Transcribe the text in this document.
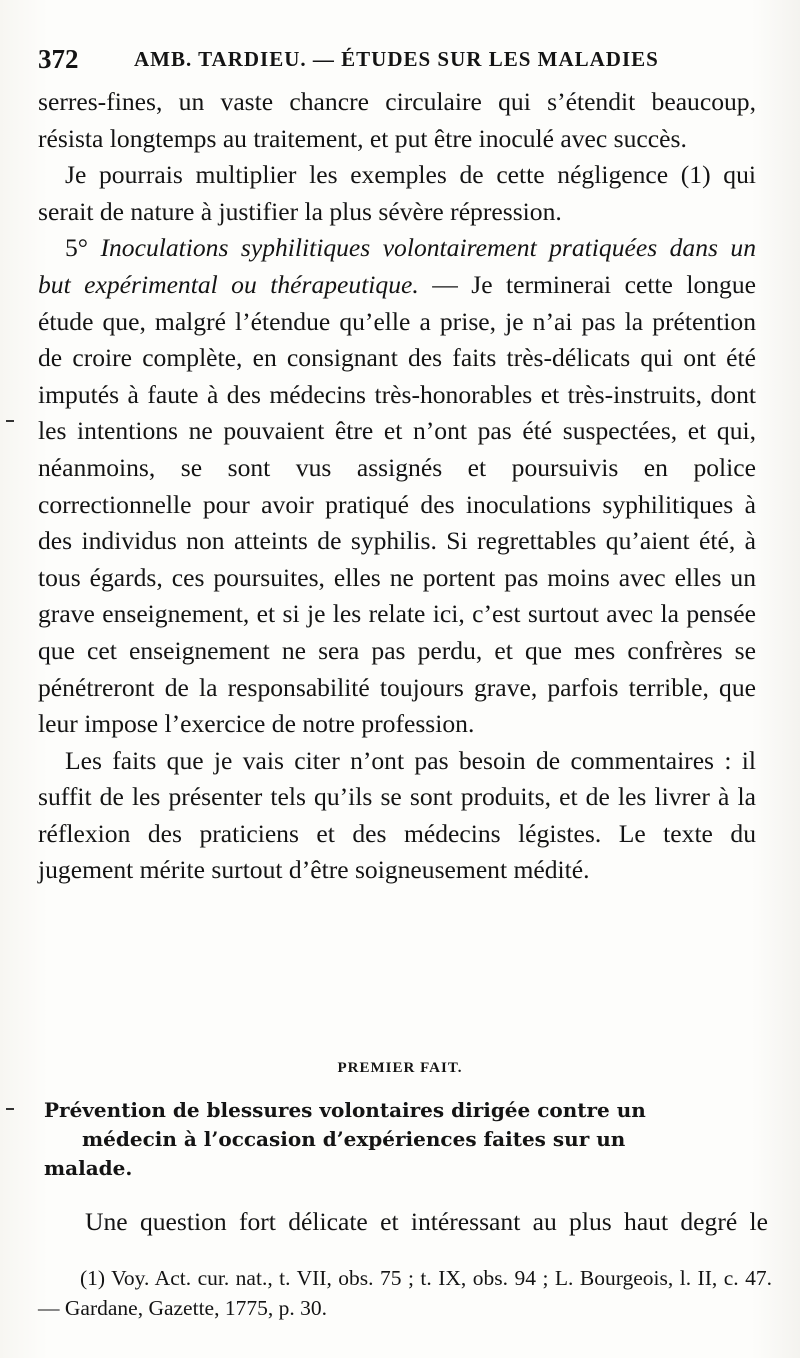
372	AMB. TARDIEU. — ÉTUDES SUR LES MALADIES

serres-fines, un vaste chancre circulaire qui s’étendit beaucoup, résista longtemps au traitement, et put être inoculé avec succès.

Je pourrais multiplier les exemples de cette négligence (1) qui serait de nature à justifier la plus sévère répression.

5° Inoculations syphilitiques volontairement pratiquées dans un but expérimental ou thérapeutique. — Je terminerai cette longue étude que, malgré l’étendue qu’elle a prise, je n’ai pas la prétention de croire complète, en consignant des faits très-délicats qui ont été imputés à faute à des médecins très-honorables et très-instruits, dont les intentions ne pouvaient être et n’ont pas été suspectées, et qui, néanmoins, se sont vus assignés et poursuivis en police correctionnelle pour avoir pratiqué des inoculations syphilitiques à des individus non atteints de syphilis. Si regrettables qu’aient été, à tous égards, ces poursuites, elles ne portent pas moins avec elles un grave enseignement, et si je les relate ici, c’est surtout avec la pensée que cet enseignement ne sera pas perdu, et que mes confrères se pénétreront de la responsabilité toujours grave, parfois terrible, que leur impose l’exercice de notre profession.

Les faits que je vais citer n’ont pas besoin de commentaires : il suffit de les présenter tels qu’ils se sont produits, et de les livrer à la réflexion des praticiens et des médecins légistes. Le texte du jugement mérite surtout d’être soigneusement médité.

PREMIER FAIT.
Prévention de blessures volontaires dirigée contre un
médecin à l’occasion d’expériences faites sur un
malade.
Une question fort délicate et intéressant au plus haut degré le

(1) Voy. Act. cur. nat., t. VII, obs. 75 ; t. IX, obs. 94 ; L. Bourgeois, l. II, c. 47. — Gardane, Gazette, 1775, p. 30.
